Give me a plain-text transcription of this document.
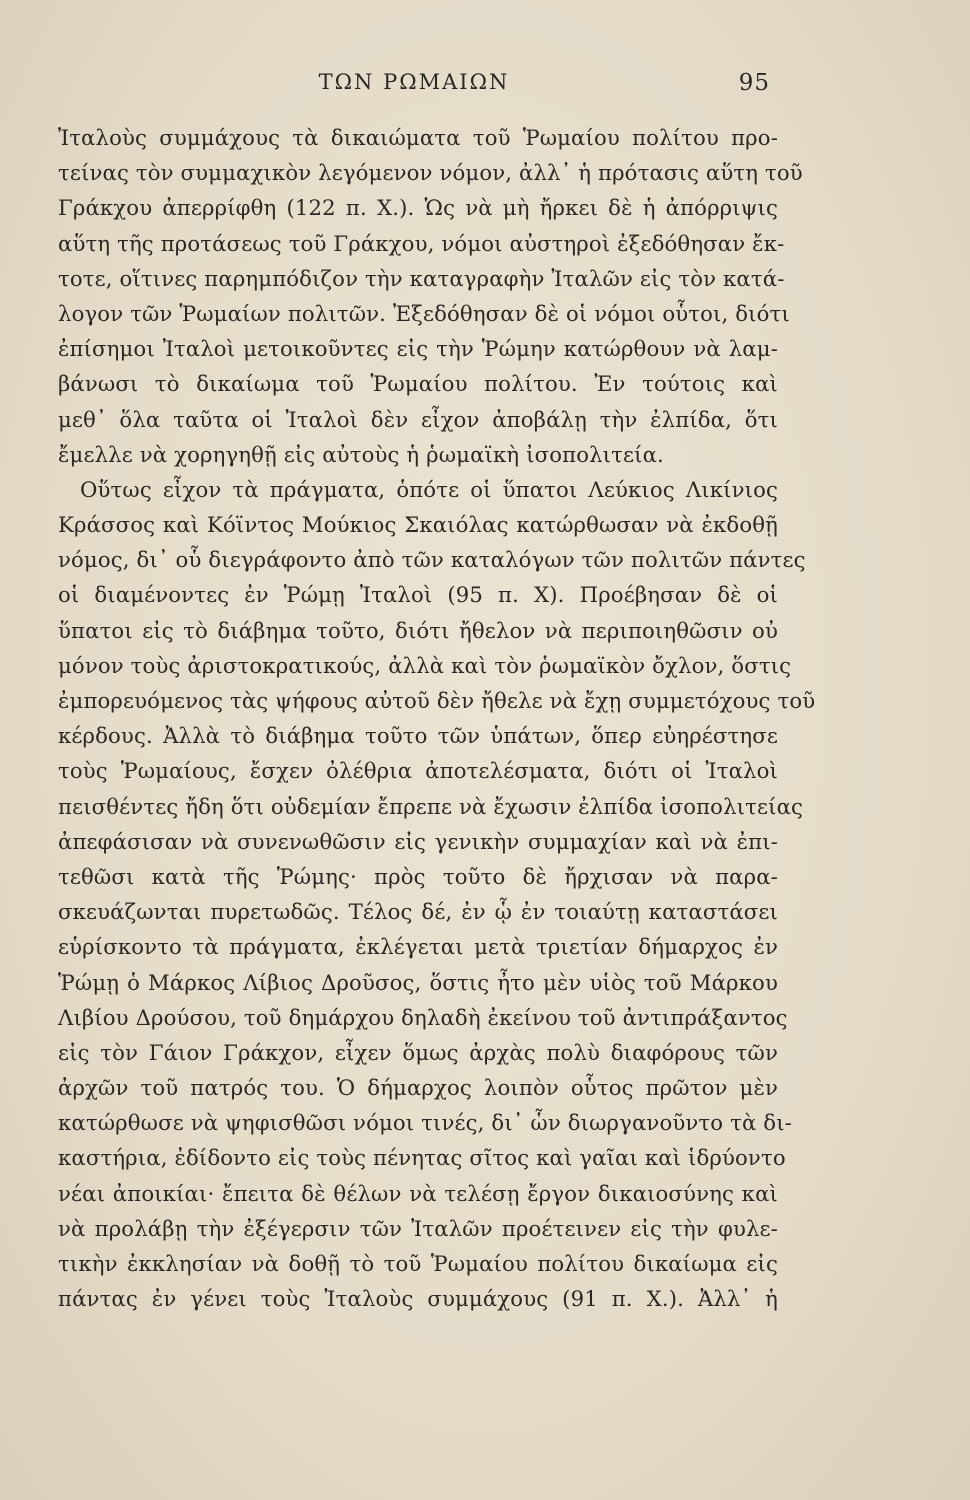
ΤΩΝ ΡΩΜΑΙΩΝ	95
Ἰταλοὺς συμμάχους τὰ δικαιώματα τοῦ Ῥωμαίου πολίτου προ-
τείνας τὸν συμμαχικὸν λεγόμενον νόμον, ἀλλ᾽ ἡ πρότασις αὕτη τοῦ
Γράκχου ἀπερρίφθη (122 π. Χ.). Ὡς νὰ μὴ ἤρκει δὲ ἡ ἀπόρριψις
αὕτη τῆς προτάσεως τοῦ Γράκχου, νόμοι αὐστηροὶ ἐξεδόθησαν ἔκ-
τοτε, οἵτινες παρημπόδιζον τὴν καταγραφὴν Ἰταλῶν εἰς τὸν κατά-
λογον τῶν Ῥωμαίων πολιτῶν. Ἐξεδόθησαν δὲ οἱ νόμοι οὗτοι, διότι
ἐπίσημοι Ἰταλοὶ μετοικοῦντες εἰς τὴν Ῥώμην κατώρθουν νὰ λαμ-
βάνωσι τὸ δικαίωμα τοῦ Ῥωμαίου πολίτου. Ἐν τούτοις καὶ
μεθ᾽ ὅλα ταῦτα οἱ Ἰταλοὶ δὲν εἶχον ἀποβάλῃ τὴν ἐλπίδα, ὅτι
ἔμελλε νὰ χορηγηθῇ εἰς αὐτοὺς ἡ ῥωμαϊκὴ ἰσοπολιτεία.
Οὕτως εἶχον τὰ πράγματα, ὁπότε οἱ ὕπατοι Λεύκιος Λικίνιος
Κράσσος καὶ Κόϊντος Μούκιος Σκαιόλας κατώρθωσαν νὰ ἐκδοθῇ
νόμος, δι᾽ οὗ διεγράφοντο ἀπὸ τῶν καταλόγων τῶν πολιτῶν πάντες
οἱ διαμένοντες ἐν Ῥώμῃ Ἰταλοὶ (95 π. Χ). Προέβησαν δὲ οἱ
ὕπατοι εἰς τὸ διάβημα τοῦτο, διότι ἤθελον νὰ περιποιηθῶσιν οὐ
μόνον τοὺς ἀριστοκρατικούς, ἀλλὰ καὶ τὸν ῥωμαϊκὸν ὄχλον, ὅστις
ἐμπορευόμενος τὰς ψήφους αὐτοῦ δὲν ἤθελε νὰ ἔχῃ συμμετόχους τοῦ
κέρδους. Ἀλλὰ τὸ διάβημα τοῦτο τῶν ὑπάτων, ὅπερ εὐηρέστησε
τοὺς Ῥωμαίους, ἔσχεν ὀλέθρια ἀποτελέσματα, διότι οἱ Ἰταλοὶ
πεισθέντες ἤδη ὅτι οὐδεμίαν ἔπρεπε νὰ ἔχωσιν ἐλπίδα ἰσοπολιτείας
ἀπεφάσισαν νὰ συνενωθῶσιν εἰς γενικὴν συμμαχίαν καὶ νὰ ἐπι-
τεθῶσι κατὰ τῆς Ῥώμης· πρὸς τοῦτο δὲ ἤρχισαν νὰ παρα-
σκευάζωνται πυρετωδῶς. Τέλος δέ, ἐν ᾧ ἐν τοιαύτῃ καταστάσει
εὑρίσκοντο τὰ πράγματα, ἐκλέγεται μετὰ τριετίαν δήμαρχος ἐν
Ῥώμῃ ὁ Μάρκος Λίβιος Δροῦσος, ὅστις ἦτο μὲν υἱὸς τοῦ Μάρκου
Λιβίου Δρούσου, τοῦ δημάρχου δηλαδὴ ἐκείνου τοῦ ἀντιπράξαντος
εἰς τὸν Γάιον Γράκχον, εἶχεν ὅμως ἀρχὰς πολὺ διαφόρους τῶν
ἀρχῶν τοῦ πατρός του. Ὁ δήμαρχος λοιπὸν οὗτος πρῶτον μὲν
κατώρθωσε νὰ ψηφισθῶσι νόμοι τινές, δι᾽ ὧν διωργανοῦντο τὰ δι-
καστήρια, ἐδίδοντο εἰς τοὺς πένητας σῖτος καὶ γαῖαι καὶ ἱδρύοντο
νέαι ἀποικίαι· ἔπειτα δὲ θέλων νὰ τελέσῃ ἔργον δικαιοσύνης καὶ
νὰ προλάβῃ τὴν ἐξέγερσιν τῶν Ἰταλῶν προέτεινεν εἰς τὴν φυλε-
τικὴν ἐκκλησίαν νὰ δοθῇ τὸ τοῦ Ῥωμαίου πολίτου δικαίωμα εἰς
πάντας ἐν γένει τοὺς Ἰταλοὺς συμμάχους (91 π. Χ.). Ἀλλ᾽ ἡ
